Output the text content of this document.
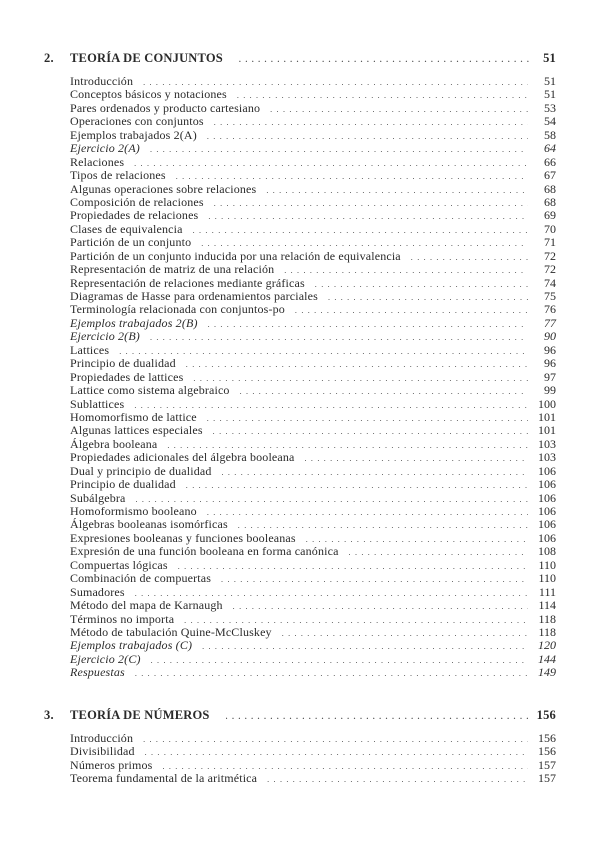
2.	TEORÍA DE CONJUNTOS . . .	51
Introducción . . .	51
Conceptos básicos y notaciones . . .	51
Pares ordenados y producto cartesiano . . .	53
Operaciones con conjuntos . . .	54
Ejemplos trabajados 2(A) . . .	58
Ejercicio 2(A) . . .	64
Relaciones . . .	66
Tipos de relaciones . . .	67
Algunas operaciones sobre relaciones . . .	68
Composición de relaciones . . .	68
Propiedades de relaciones . . .	69
Clases de equivalencia . . .	70
Partición de un conjunto . . .	71
Partición de un conjunto inducida por una relación de equivalencia . . .	72
Representación de matriz de una relación . . .	72
Representación de relaciones mediante gráficas . . .	74
Diagramas de Hasse para ordenamientos parciales . . .	75
Terminología relacionada con conjuntos-po . . .	76
Ejemplos trabajados 2(B) . . .	77
Ejercicio 2(B) . . .	90
Lattices . . .	96
Principio de dualidad . . .	96
Propiedades de lattices . . .	97
Lattice como sistema algebraico . . .	99
Sublattices . . .	100
Homomorfismo de lattice . . .	101
Algunas lattices especiales . . .	101
Álgebra booleana . . .	103
Propiedades adicionales del álgebra booleana . . .	103
Dual y principio de dualidad . . .	106
Principio de dualidad . . .	106
Subálgebra . . .	106
Homoformismo booleano . . .	106
Álgebras booleanas isomórficas . . .	106
Expresiones booleanas y funciones booleanas . . .	106
Expresión de una función booleana en forma canónica . . .	108
Compuertas lógicas . . .	110
Combinación de compuertas . . .	110
Sumadores . . .	111
Método del mapa de Karnaugh . . .	114
Términos no importa . . .	118
Método de tabulación Quine-McCluskey . . .	118
Ejemplos trabajados (C) . . .	120
Ejercicio 2(C) . . .	144
Respuestas . . .	149
3.	TEORÍA DE NÚMEROS . . .	156
Introducción . . .	156
Divisibilidad . . .	156
Números primos . . .	157
Teorema fundamental de la aritmética . . .	157
